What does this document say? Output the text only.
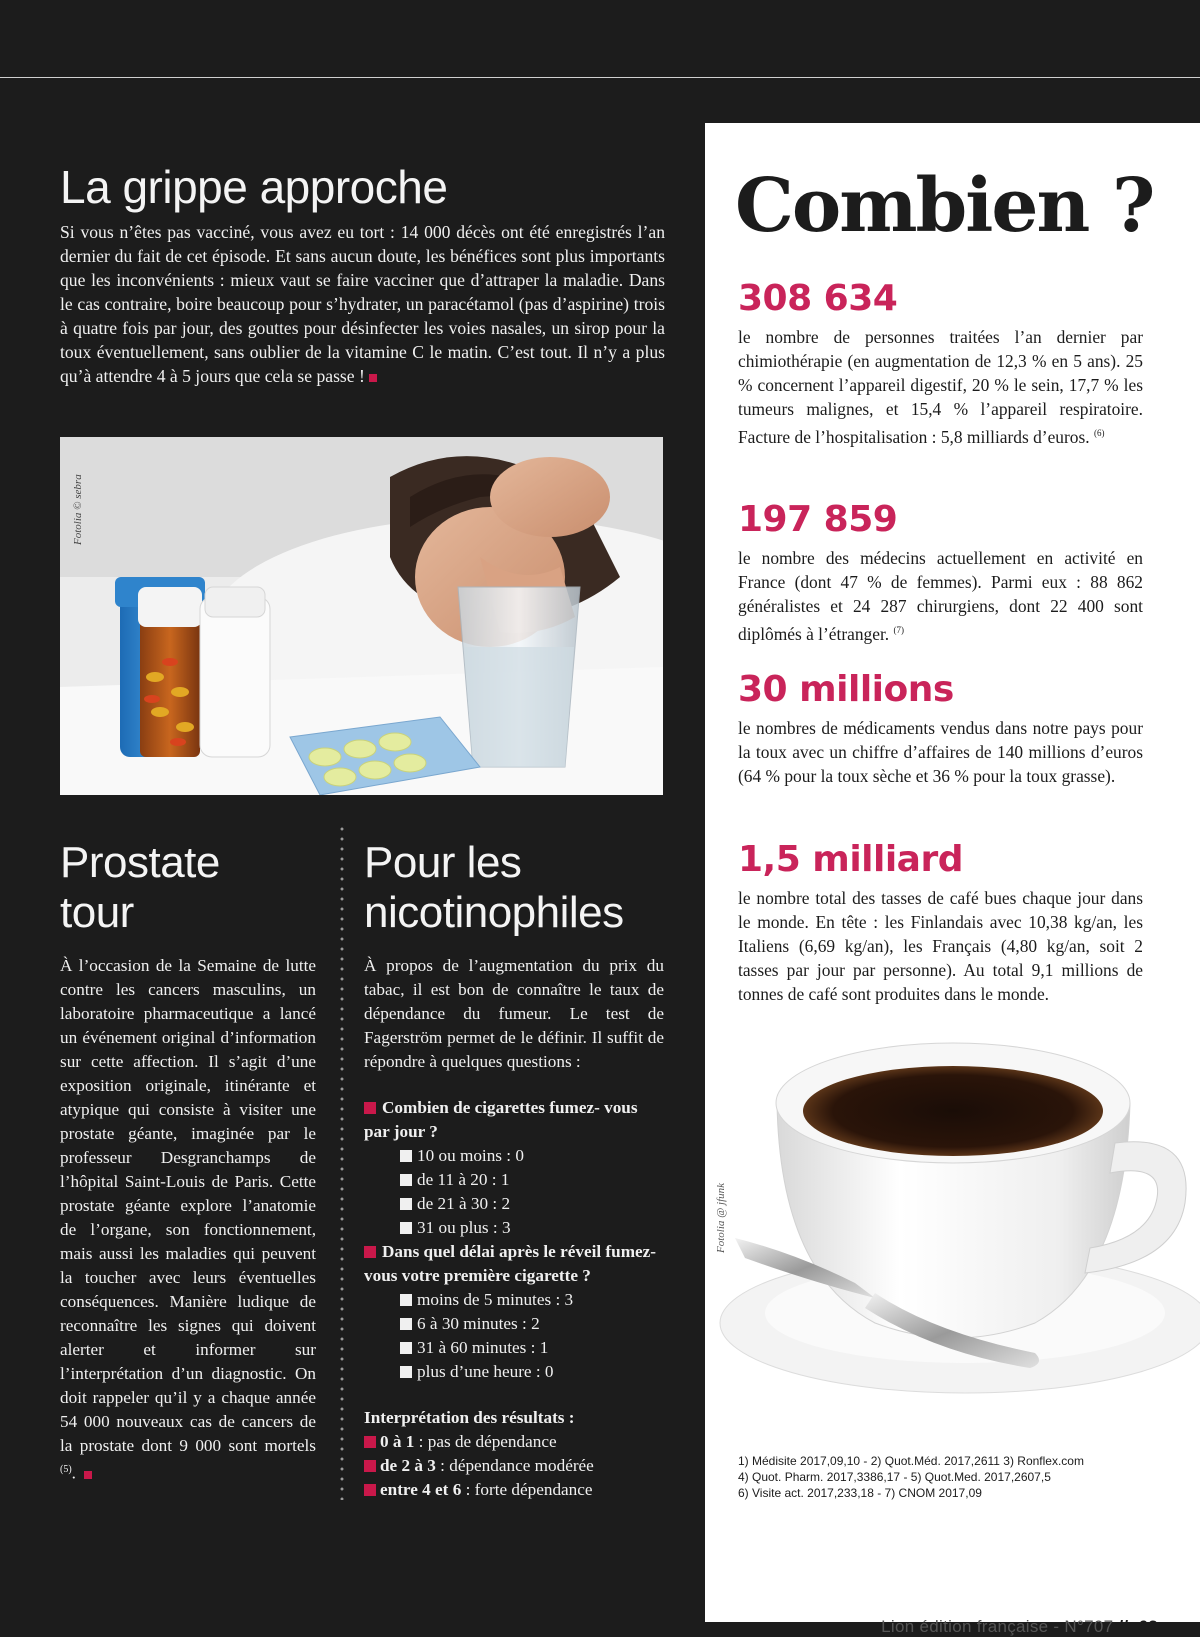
La grippe approche

Si vous n’êtes pas vacciné, vous avez eu tort : 14 000 décès ont été enregistrés l’an dernier du fait de cet épisode. Et sans aucun doute, les bénéfices sont plus importants que les inconvénients : mieux vaut se faire vacciner que d’attraper la maladie. Dans le cas contraire, boire beaucoup pour s’hydrater, un paracétamol (pas d’aspirine) trois à quatre fois par jour, des gouttes pour désinfecter les voies nasales, un sirop pour la toux éventuellement, sans oublier de la vitamine C le matin. C’est tout. Il n’y a plus qu’à attendre 4 à 5 jours que cela se passe !

Fotolia © sebra
Prostate
tour

À l’occasion de la Semaine de lutte contre les cancers masculins, un laboratoire pharmaceutique a lancé un événement original d’information sur cette affection. Il s’agit d’une exposition originale, itinérante et atypique qui consiste à visiter une prostate géante, imaginée par le professeur Desgranchamps de l’hôpital Saint-Louis de Paris. Cette prostate géante explore l’anatomie de l’organe, son fonctionnement, mais aussi les maladies qui peuvent la toucher avec leurs éventuelles conséquences. Manière ludique de reconnaître les signes qui doivent alerter et informer sur l’interprétation d’un diagnostic. On doit rappeler qu’il y a chaque année 54 000 nouveaux cas de cancers de la prostate dont 9 000 sont mortels $^{(5)}$.

Pour les
nicotinophiles

À propos de l’augmentation du prix du tabac, il est bon de connaître le taux de dépendance du fumeur. Le test de Fagerström permet de le définir. Il suffit de répondre à quelques questions :

Combien de cigarettes fumez- vous par jour ?

10 ou moins : 0

de 11 à 20 : 1

de 21 à 30 : 2

31 ou plus : 3

Dans quel délai après le réveil fumez-vous votre première cigarette ?

moins de 5 minutes : 3

6 à 30 minutes : 2

31 à 60 minutes : 1

plus d’une heure : 0

Interprétation des résultats :

0 à 1 : pas de dépendance

de 2 à 3 : dépendance modérée

entre 4 et 6 : forte dépendance

Combien ?
308 634

le nombre de personnes traitées l’an dernier par chimiothérapie (en augmentation de 12,3 % en 5 ans). 25 % concernent l’appareil digestif, 20 % le sein, 17,7 % les tumeurs malignes, et 15,4 % l’appareil respiratoire. Facture de l’hospitalisation : 5,8 milliards d’euros. $^{(6)}$

197 859

le nombre des médecins actuellement en activité en France (dont 47 % de femmes). Parmi eux : 88 862 généralistes et 24 287 chirurgiens, dont 22 400 sont diplômés à l’étranger. $^{(7)}$

30 millions

le nombres de médicaments vendus dans notre pays pour la toux avec un chiffre d’affaires de 140 millions d’euros (64 % pour la toux sèche et 36 % pour la toux grasse).

1,5 milliard

le nombre total des tasses de café bues chaque jour dans le monde. En tête : les Finlandais avec 10,38 kg/an, les Italiens (6,69 kg/an), les Français (4,80 kg/an, soit 2 tasses par jour par personne). Au total 9,1 millions de tonnes de café sont produites dans le monde.

Fotolia @ jfunk
1) Médisite 2017,09,10 - 2) Quot.Méd. 2017,2611 3) Ronflex.com
4) Quot. Pharm. 2017,3386,17 - 5) Quot.Med. 2017,2607,5
6) Visite act. 2017,233,18 - 7) CNOM 2017,09
Lion édition française - N°707 // .63
